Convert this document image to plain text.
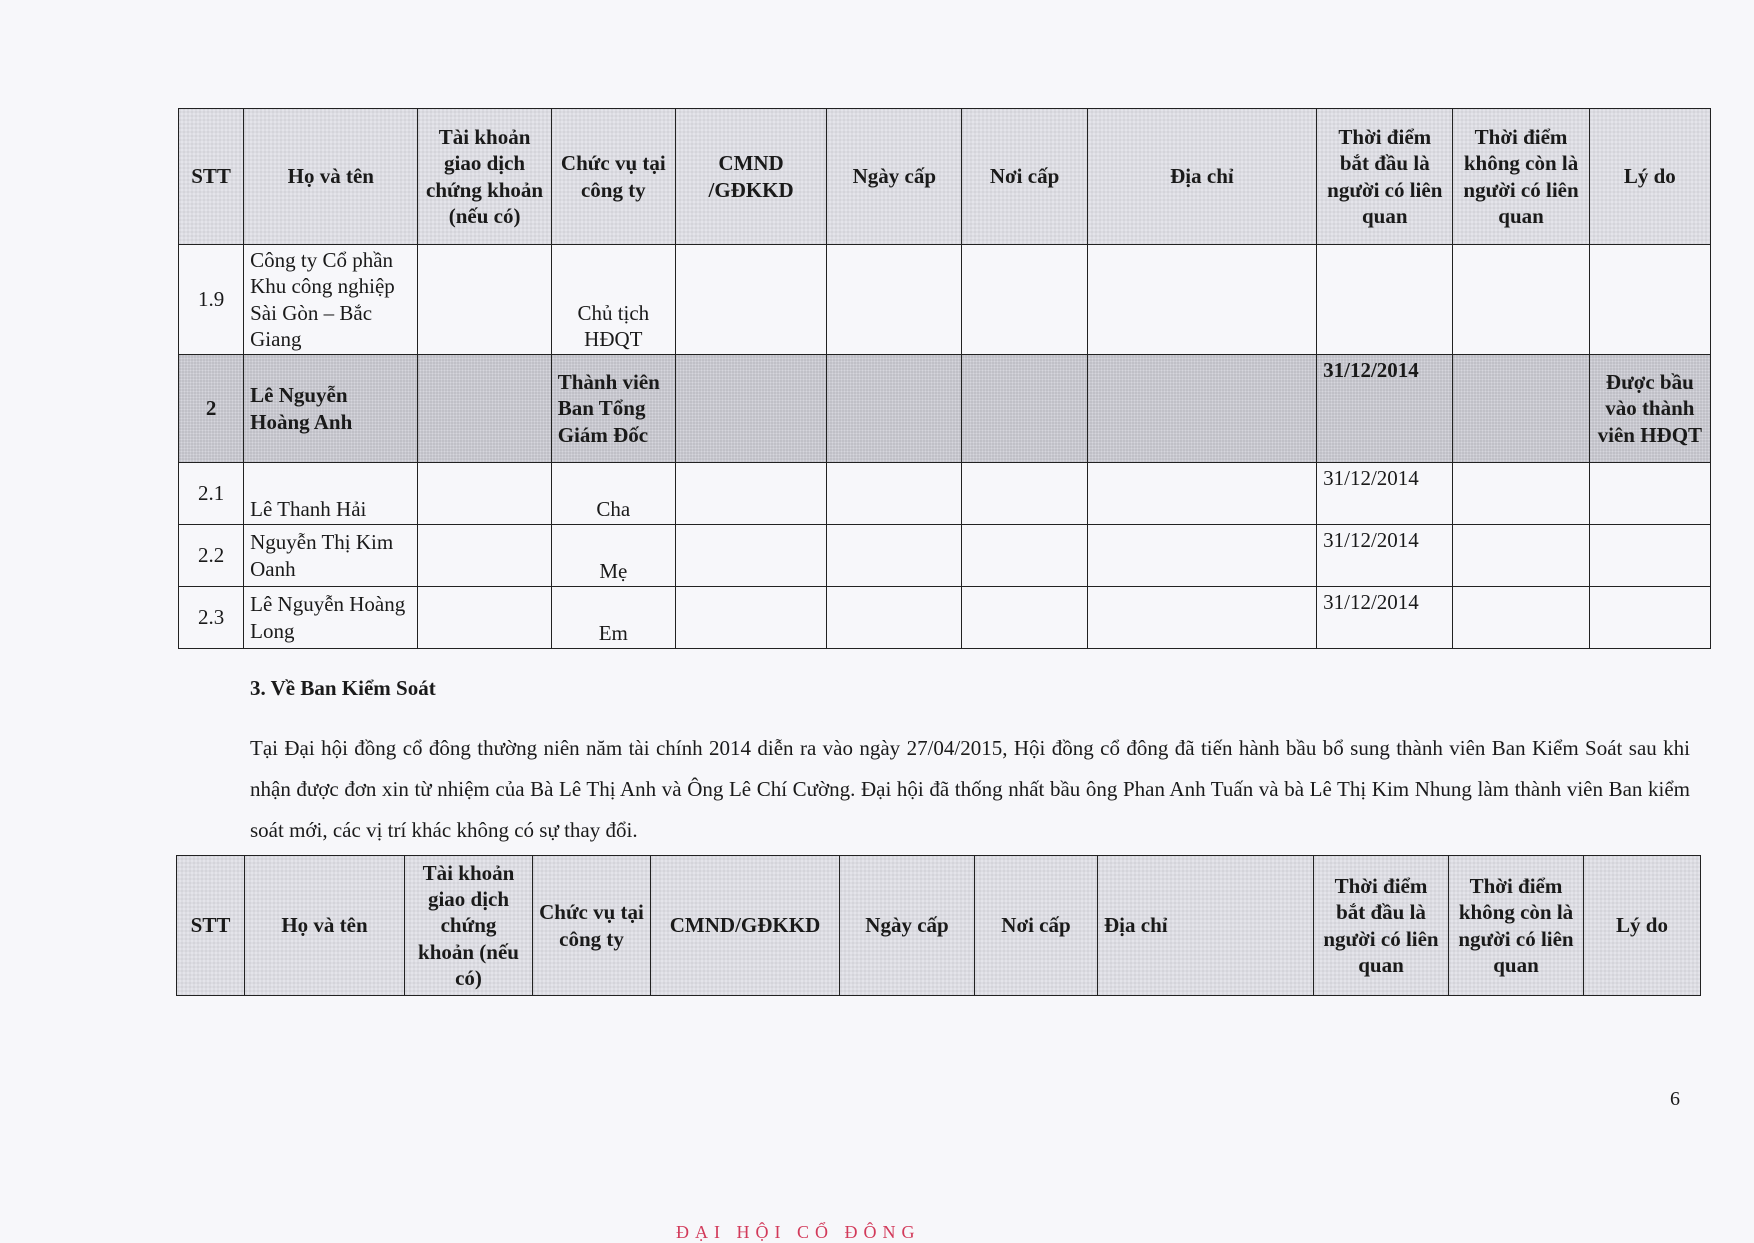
STT	Họ và tên	Tài khoản giao dịch chứng khoản (nếu có)	Chức vụ tại công ty	CMND /GĐKKD	Ngày cấp	Nơi cấp	Địa chỉ	Thời điểm bắt đầu là người có liên quan	Thời điểm không còn là người có liên quan	Lý do
1.9	Công ty Cổ phần Khu công nghiệp Sài Gòn – Bắc Giang		Chủ tịch HĐQT							
2	Lê Nguyễn Hoàng Anh		Thành viên Ban Tổng Giám Đốc					31/12/2014		Được bầu vào thành viên HĐQT
2.1	Lê Thanh Hải		Cha					31/12/2014		
2.2	Nguyễn Thị Kim Oanh		Mẹ					31/12/2014		
2.3	Lê Nguyễn Hoàng Long		Em					31/12/2014		
3. Về Ban Kiểm Soát

Tại Đại hội đồng cổ đông thường niên năm tài chính 2014 diễn ra vào ngày 27/04/2015, Hội đồng cổ đông đã tiến hành bầu bổ sung thành viên Ban Kiểm Soát sau khi nhận được đơn xin từ nhiệm của Bà Lê Thị Anh và Ông Lê Chí Cường. Đại hội đã thống nhất bầu ông Phan Anh Tuấn và bà Lê Thị Kim Nhung làm thành viên Ban kiểm soát mới, các vị trí khác không có sự thay đổi.

STT	Họ và tên	Tài khoản giao dịch chứng khoản (nếu có)	Chức vụ tại công ty	CMND/GĐKKD	Ngày cấp	Nơi cấp	Địa chỉ	Thời điểm bắt đầu là người có liên quan	Thời điểm không còn là người có liên quan	Lý do
6
ĐẠI HỘI CỔ ĐÔNG
